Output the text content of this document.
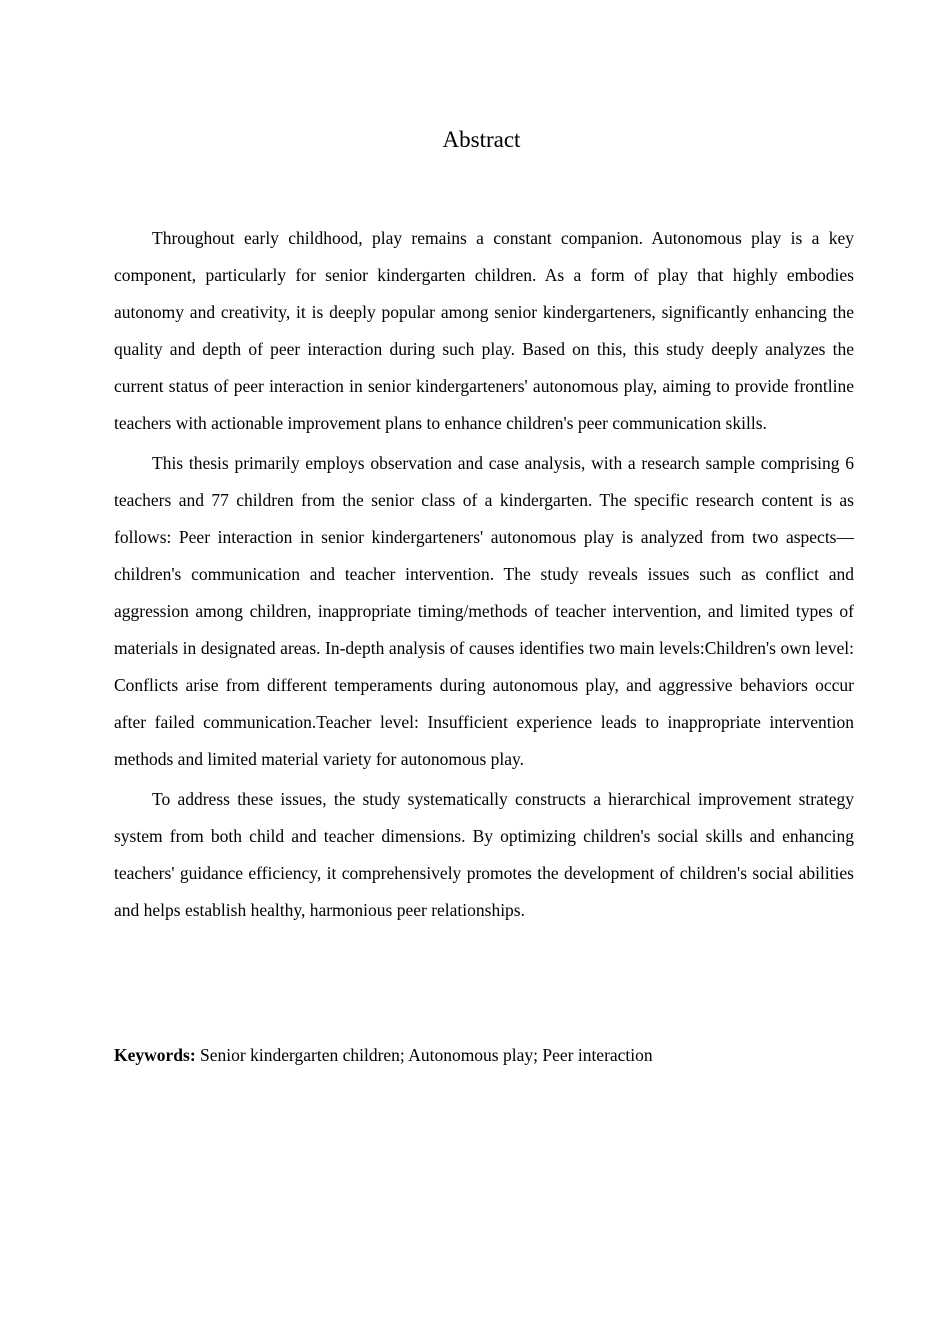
Abstract

Throughout early childhood, play remains a constant companion. Autonomous play is a key component, particularly for senior kindergarten children. As a form of play that highly embodies autonomy and creativity, it is deeply popular among senior kindergarteners, significantly enhancing the quality and depth of peer interaction during such play. Based on this, this study deeply analyzes the current status of peer interaction in senior kindergarteners' autonomous play, aiming to provide frontline teachers with actionable improvement plans to enhance children's peer communication skills.

This thesis primarily employs observation and case analysis, with a research sample comprising 6 teachers and 77 children from the senior class of a kindergarten. The specific research content is as follows: Peer interaction in senior kindergarteners' autonomous play is analyzed from two aspects—children's communication and teacher intervention. The study reveals issues such as conflict and aggression among children, inappropriate timing/methods of teacher intervention, and limited types of materials in designated areas. In-depth analysis of causes identifies two main levels:Children's own level: Conflicts arise from different temperaments during autonomous play, and aggressive behaviors occur after failed communication.Teacher level: Insufficient experience leads to inappropriate intervention methods and limited material variety for autonomous play.

To address these issues, the study systematically constructs a hierarchical improvement strategy system from both child and teacher dimensions. By optimizing children's social skills and enhancing teachers' guidance efficiency, it comprehensively promotes the development of children's social abilities and helps establish healthy, harmonious peer relationships.

Keywords: Senior kindergarten children; Autonomous play; Peer interaction
